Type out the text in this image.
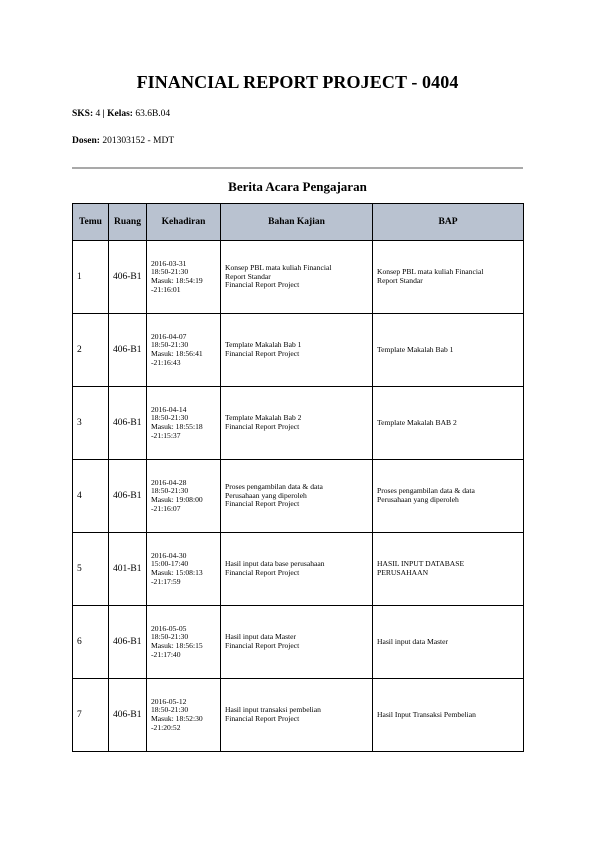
FINANCIAL REPORT PROJECT - 0404
SKS: 4 | Kelas: 63.6B.04
Dosen: 201303152 - MDT
Berita Acara Pengajaran
Temu	Ruang	Kehadiran	Bahan Kajian	BAP
1	406-B1	2016-03-31
18:50-21:30
Masuk: 18:54:19
-21:16:01	Konsep PBL mata kuliah Financial
Report Standar
Financial Report Project	Konsep PBL mata kuliah Financial
Report Standar

2	406-B1	2016-04-07
18:50-21:30
Masuk: 18:56:41
-21:16:43	Template Makalah Bab 1
Financial Report Project	Template Makalah Bab 1

3	406-B1	2016-04-14
18:50-21:30
Masuk: 18:55:18
-21:15:37	Template Makalah Bab 2
Financial Report Project	Template Makalah BAB 2

4	406-B1	2016-04-28
18:50-21:30
Masuk: 19:08:00
-21:16:07	Proses pengambilan data & data
Perusahaan yang diperoleh
Financial Report Project	Proses pengambilan data & data
Perusahaan yang diperoleh

5	401-B1	2016-04-30
15:00-17:40
Masuk: 15:08:13
-21:17:59	Hasil input data base perusahaan
Financial Report Project	HASIL INPUT DATABASE
PERUSAHAAN

6	406-B1	2016-05-05
18:50-21:30
Masuk: 18:56:15
-21:17:40	Hasil input data Master
Financial Report Project	Hasil input data Master

7	406-B1	2016-05-12
18:50-21:30
Masuk: 18:52:30
-21:20:52	Hasil input transaksi pembelian
Financial Report Project	Hasil Input Transaksi Pembelian
